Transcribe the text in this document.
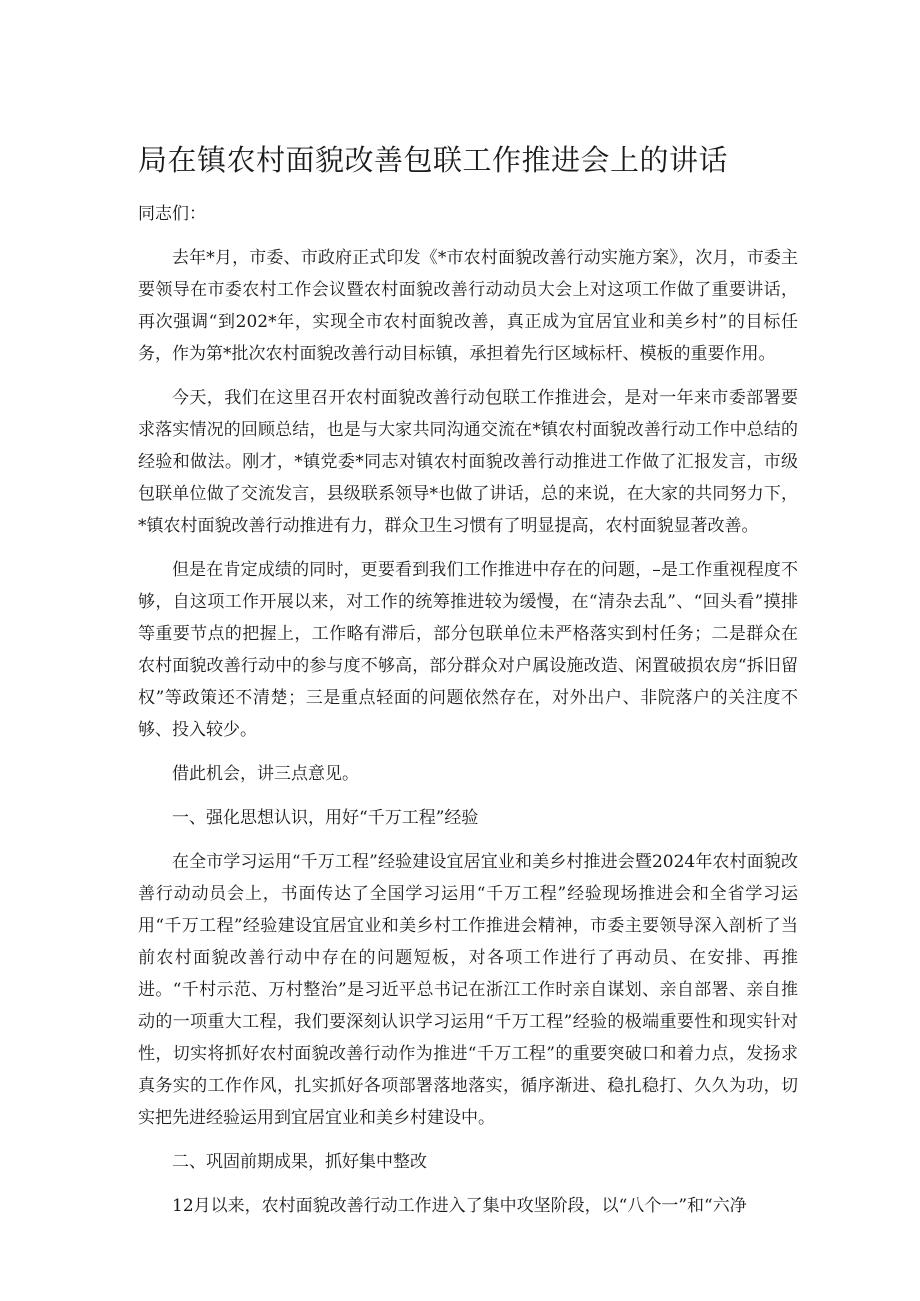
局在镇农村面貌改善包联工作推进会上的讲话

同志们：

去年*月，市委、市政府正式印发《*市农村面貌改善行动实施方案》，次月，市委主要领导在市委农村工作会议暨农村面貌改善行动动员大会上对这项工作做了重要讲话，再次强调“到202*年，实现全市农村面貌改善，真正成为宜居宜业和美乡村”的目标任务，作为第*批次农村面貌改善行动目标镇，承担着先行区域标杆、模板的重要作用。

今天，我们在这里召开农村面貌改善行动包联工作推进会，是对一年来市委部署要求落实情况的回顾总结，也是与大家共同沟通交流在*镇农村面貌改善行动工作中总结的经验和做法。刚才，*镇党委*同志对镇农村面貌改善行动推进工作做了汇报发言，市级包联单位做了交流发言，县级联系领导*也做了讲话，总的来说，在大家的共同努力下，*镇农村面貌改善行动推进有力，群众卫生习惯有了明显提高，农村面貌显著改善。

但是在肯定成绩的同时，更要看到我们工作推进中存在的问题，–是工作重视程度不够，自这项工作开展以来，对工作的统筹推进较为缓慢，在“清杂去乱”、“回头看”摸排等重要节点的把握上，工作略有滞后，部分包联单位未严格落实到村任务；二是群众在农村面貌改善行动中的参与度不够高，部分群众对户属设施改造、闲置破损农房“拆旧留权”等政策还不清楚；三是重点轻面的问题依然存在，对外出户、非院落户的关注度不够、投入较少。

借此机会，讲三点意见。

一、强化思想认识，用好“千万工程”经验

在全市学习运用“千万工程”经验建设宜居宜业和美乡村推进会暨2024年农村面貌改善行动动员会上，书面传达了全国学习运用“千万工程”经验现场推进会和全省学习运用“千万工程”经验建设宜居宜业和美乡村工作推进会精神，市委主要领导深入剖析了当前农村面貌改善行动中存在的问题短板，对各项工作进行了再动员、在安排、再推进。“千村示范、万村整治”是习近平总书记在浙江工作时亲自谋划、亲自部署、亲自推动的一项重大工程，我们要深刻认识学习运用“千万工程”经验的极端重要性和现实针对性，切实将抓好农村面貌改善行动作为推进“千万工程”的重要突破口和着力点，发扬求真务实的工作作风，扎实抓好各项部署落地落实，循序渐进、稳扎稳打、久久为功，切实把先进经验运用到宜居宜业和美乡村建设中。

二、巩固前期成果，抓好集中整改

12月以来，农村面貌改善行动工作进入了集中攻坚阶段，以“八个一”和“六净
